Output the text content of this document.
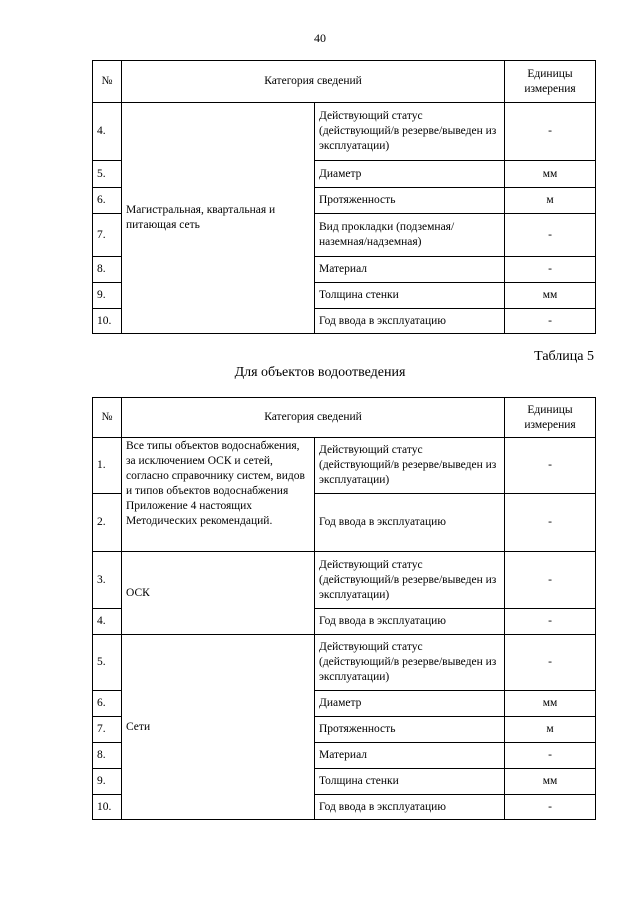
40
№	Категория сведений		Единицы измерения
4.	Магистральная, квартальная и питающая сеть	Действующий статус (действующий/в резерве/выведен из эксплуатации)	-
5.		Диаметр	мм
6.		Протяженность	м
7.		Вид прокладки (подземная/наземная/надземная)	-
8.		Материал	-
9.		Толщина стенки	мм
10.		Год ввода в эксплуатацию	-
Таблица 5
Для объектов водоотведения
№	Категория сведений		Единицы измерения
1.	Все типы объектов водоснабжения, за исключением ОСК и сетей, согласно справочнику систем, видов и типов объектов водоснабжения Приложение 4 настоящих Методических рекомендаций.	Действующий статус (действующий/в резерве/выведен из эксплуатации)	-
2.		Год ввода в эксплуатацию	-
3.	ОСК	Действующий статус (действующий/в резерве/выведен из эксплуатации)	-
4.		Год ввода в эксплуатацию	-
5.	Сети	Действующий статус (действующий/в резерве/выведен из эксплуатации)	-
6.		Диаметр	мм
7.		Протяженность	м
8.		Материал	-
9.		Толщина стенки	мм
10.		Год ввода в эксплуатацию	-
